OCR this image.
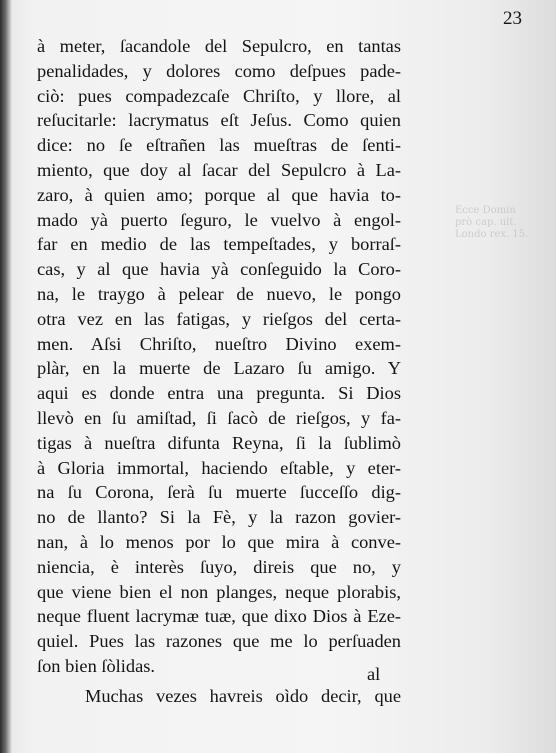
Ecce Domin
prò cap. ult.
Londo rex. 15.
23
à meter, ſacandole del Sepulcro, en tantas
penalidades, y dolores como deſpues pade-
ciò: pues compadezcaſe Chriſto, y llore, al
reſucitarle: lacrymatus eſt Jeſus. Como quien
dice: no ſe eſtrañen las mueſtras de ſenti-
miento, que doy al ſacar del Sepulcro à La-
zaro, à quien amo; porque al que havia to-
mado yà puerto ſeguro, le vuelvo à engol-
far en medio de las tempeſtades, y borraſ-
cas, y al que havia yà conſeguido la Coro-
na, le traygo à pelear de nuevo, le pongo
otra vez en las fatigas, y rieſgos del certa-
men. Aſsi Chriſto, nueſtro Divino exem-
plàr, en la muerte de Lazaro ſu amigo. Y
aqui es donde entra una pregunta. Si Dios
llevò en ſu amiſtad, ſi ſacò de rieſgos, y fa-
tigas à nueſtra difunta Reyna, ſi la ſublimò
à Gloria immortal, haciendo eſtable, y eter-
na ſu Corona, ſerà ſu muerte ſucceſſo dig-
no de llanto? Si la Fè, y la razon govier-
nan, à lo menos por lo que mira à conve-
niencia, è interès ſuyo, direis que no, y
que viene bien el non planges, neque plorabis,
neque fluent lacrymæ tuæ, que dixo Dios à Eze-
quiel. Pues las razones que me lo perſuaden
ſon bien ſòlidas.
Muchas vezes havreis oìdo decir, que
al
